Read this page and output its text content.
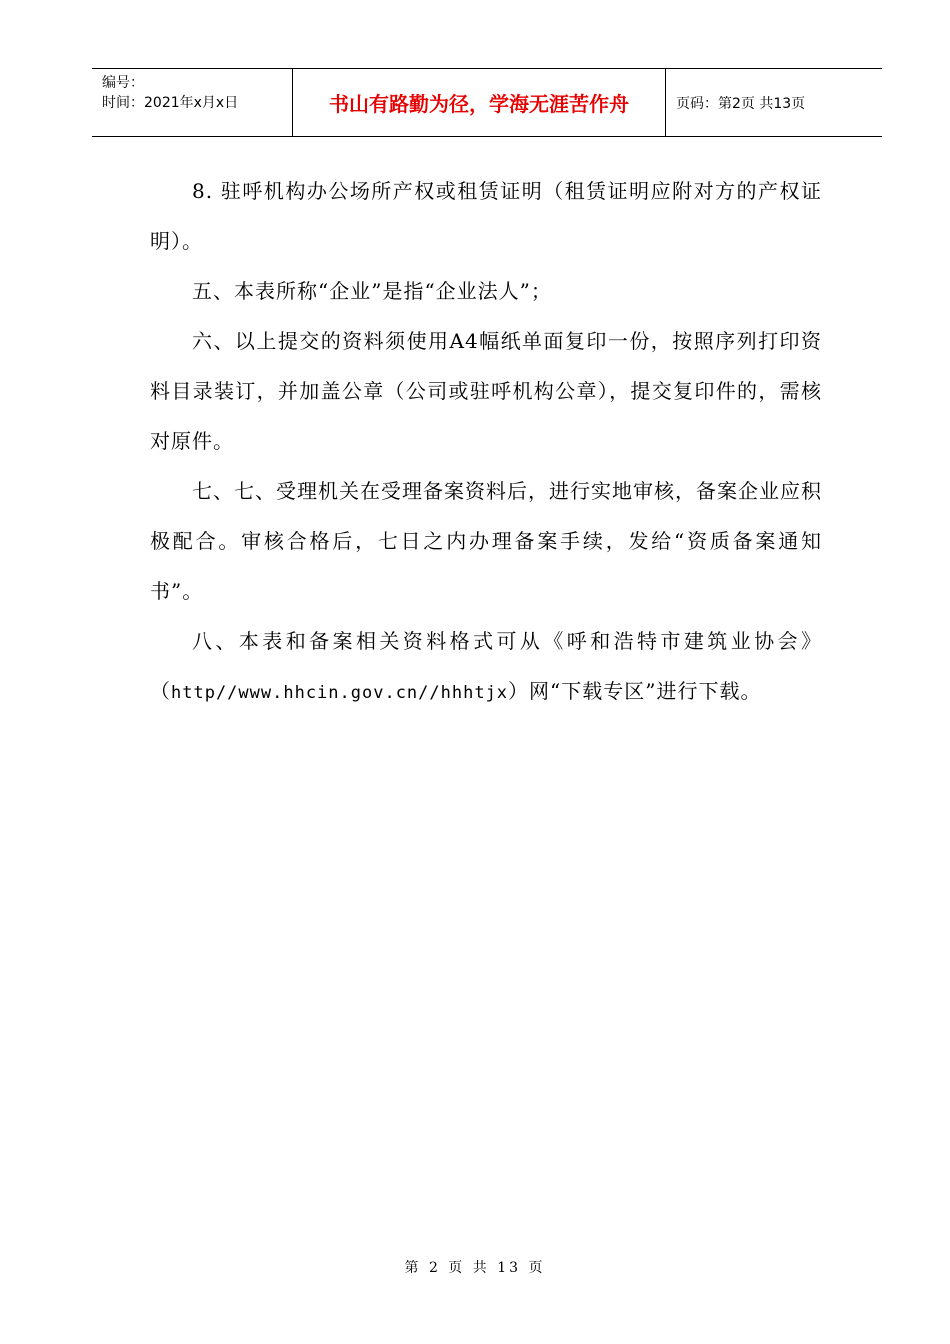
编号：
时间：2021年x月x日	书山有路勤为径，学海无涯苦作舟	页码：第2页 共13页

8. 驻呼机构办公场所产权或租赁证明（租赁证明应附对方的产权证明）。

五、本表所称“企业”是指“企业法人”；

六、以上提交的资料须使用A4幅纸单面复印一份，按照序列打印资料目录装订，并加盖公章（公司或驻呼机构公章），提交复印件的，需核对原件。

七、七、受理机关在受理备案资料后，进行实地审核，备案企业应积极配合。审核合格后，七日之内办理备案手续，发给“资质备案通知书”。

八、本表和备案相关资料格式可从《呼和浩特市建筑业协会》（http//www.hhcin.gov.cn//hhhtjx）网“下载专区”进行下载。

第 2 页 共 13 页
